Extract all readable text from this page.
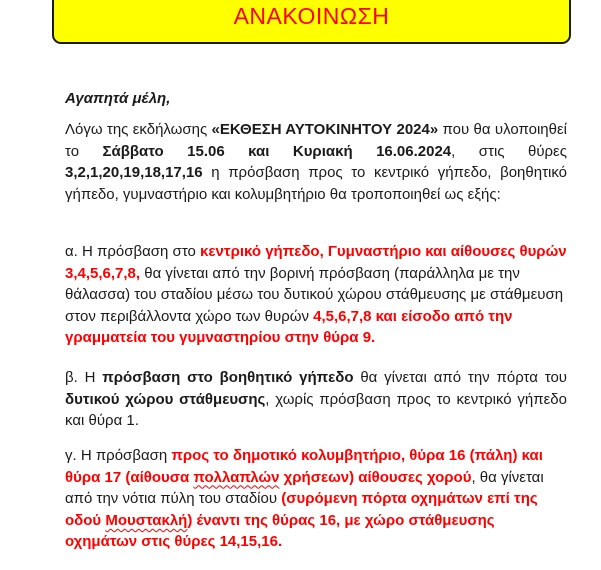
ΑΝΑΚΟΙΝΩΣΗ

Αγαπητά μέλη,

Λόγω της εκδήλωσης «ΕΚΘΕΣΗ ΑΥΤΟΚΙΝΗΤΟΥ 2024» που θα υλοποιηθεί το Σάββατο 15.06 και Κυριακή 16.06.2024, στις θύρες 3,2,1,20,19,18,17,16 η πρόσβαση προς το κεντρικό γήπεδο, βοηθητικό γήπεδο, γυμναστήριο και κολυμβητήριο θα τροποποιηθεί ως εξής:

α. Η πρόσβαση στο κεντρικό γήπεδο, Γυμναστήριο και αίθουσες θυρών 3,4,5,6,7,8, θα γίνεται από την βορινή πρόσβαση (παράλληλα με την θάλασσα) του σταδίου μέσω του δυτικού χώρου στάθμευσης με στάθμευση στον περιβάλλοντα χώρο των θυρών 4,5,6,7,8 και είσοδο από την γραμματεία του γυμναστηρίου στην θύρα 9.

β. Η πρόσβαση στο βοηθητικό γήπεδο θα γίνεται από την πόρτα του δυτικού χώρου στάθμευσης, χωρίς πρόσβαση προς το κεντρικό γήπεδο και θύρα 1.

γ. Η πρόσβαση προς το δημοτικό κολυμβητήριο, θύρα 16 (πάλη) και θύρα 17 (αίθουσα πολλαπλών χρήσεων) αίθουσες χορού, θα γίνεται από την νότια πύλη του σταδίου (συρόμενη πόρτα οχημάτων επί της οδού Μουστακλή) έναντι της θύρας 16, με χώρο στάθμευσης οχημάτων στις θύρες 14,15,16.
